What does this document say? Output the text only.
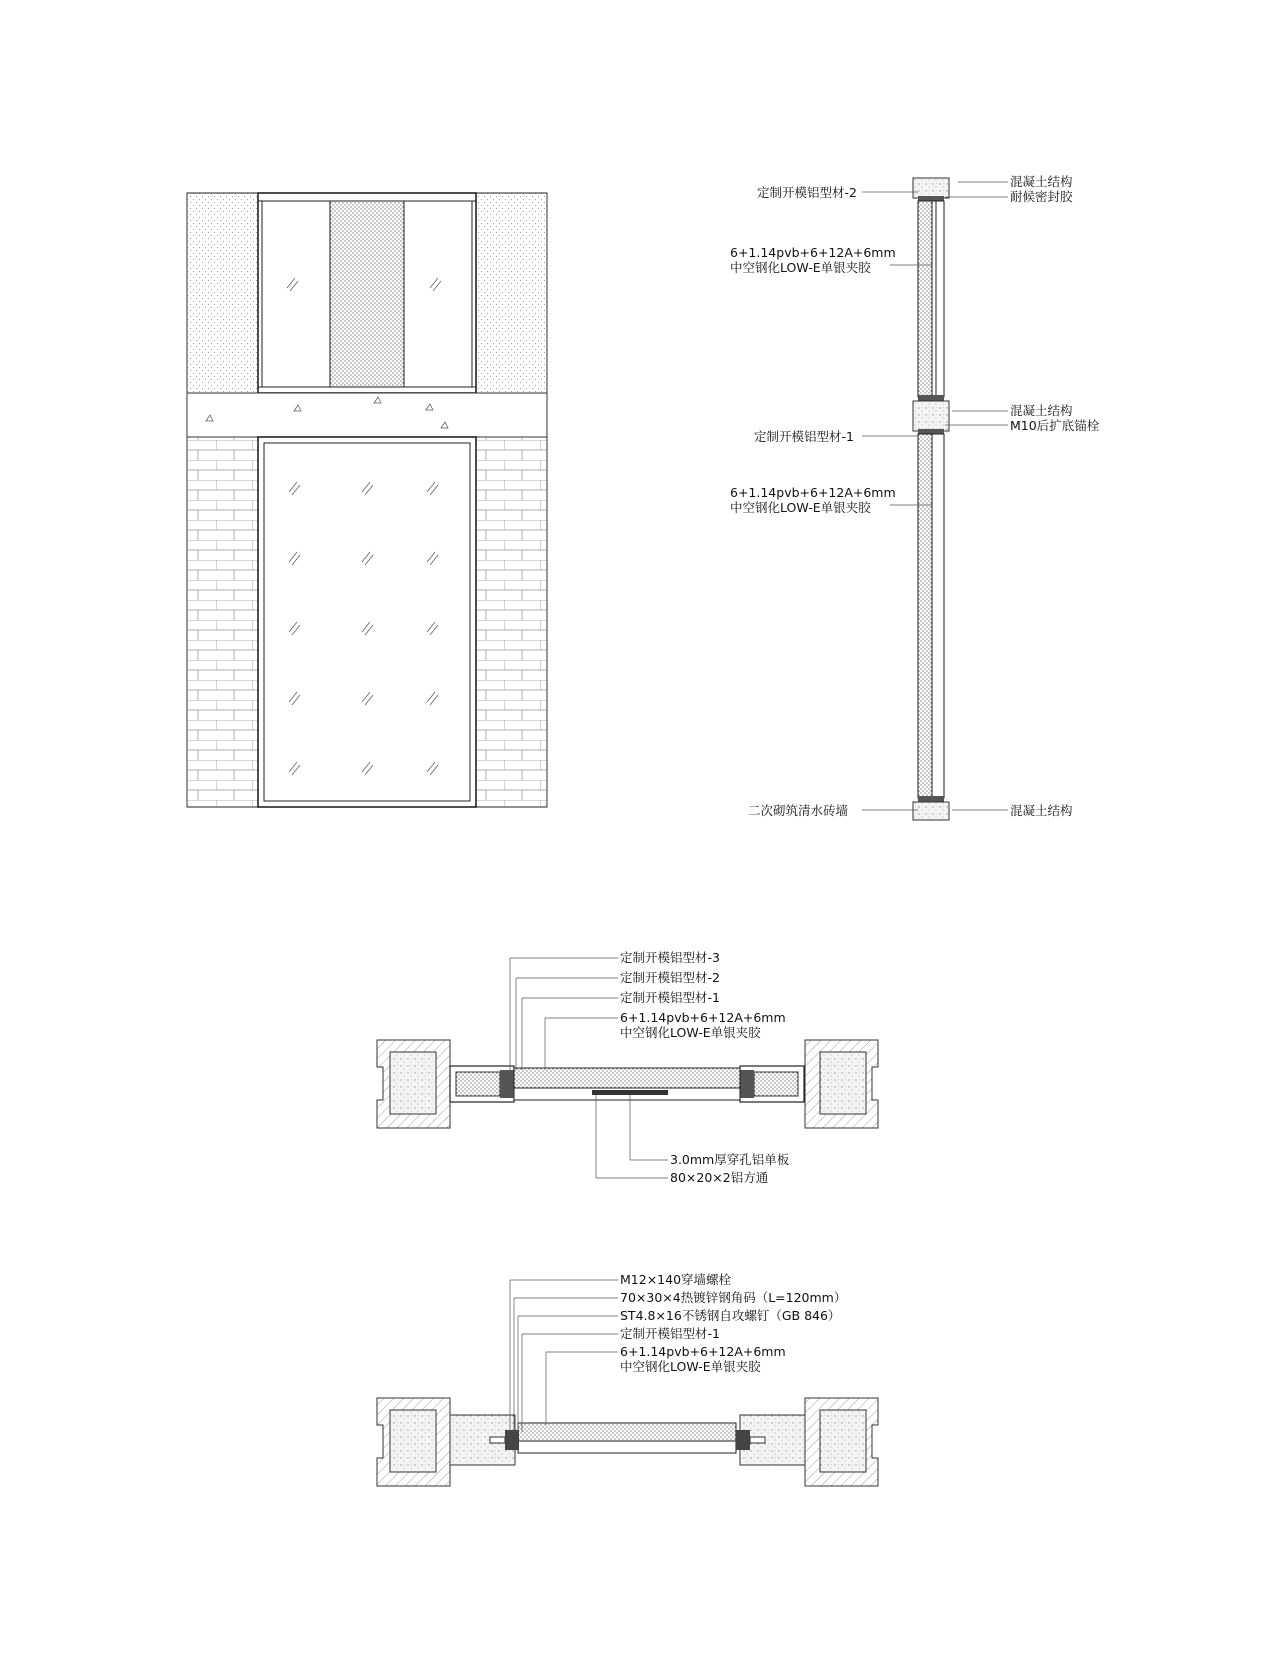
混凝土结构
耐候密封胶
定制开模铝型材-2
6+1.14pvb+6+12A+6mm
中空钢化LOW-E单银夹胶
混凝土结构
M10后扩底锚栓
定制开模铝型材-1
6+1.14pvb+6+12A+6mm
中空钢化LOW-E单银夹胶
二次砌筑清水砖墙	混凝土结构
定制开模铝型材-3
定制开模铝型材-2
定制开模铝型材-1
6+1.14pvb+6+12A+6mm
中空钢化LOW-E单银夹胶
3.0mm厚穿孔铝单板
80×20×2铝方通
M12×140穿墙螺栓
70×30×4热镀锌钢角码（L=120mm）
ST4.8×16不锈钢自攻螺钉（GB 846）
定制开模铝型材-1
6+1.14pvb+6+12A+6mm
中空钢化LOW-E单银夹胶
